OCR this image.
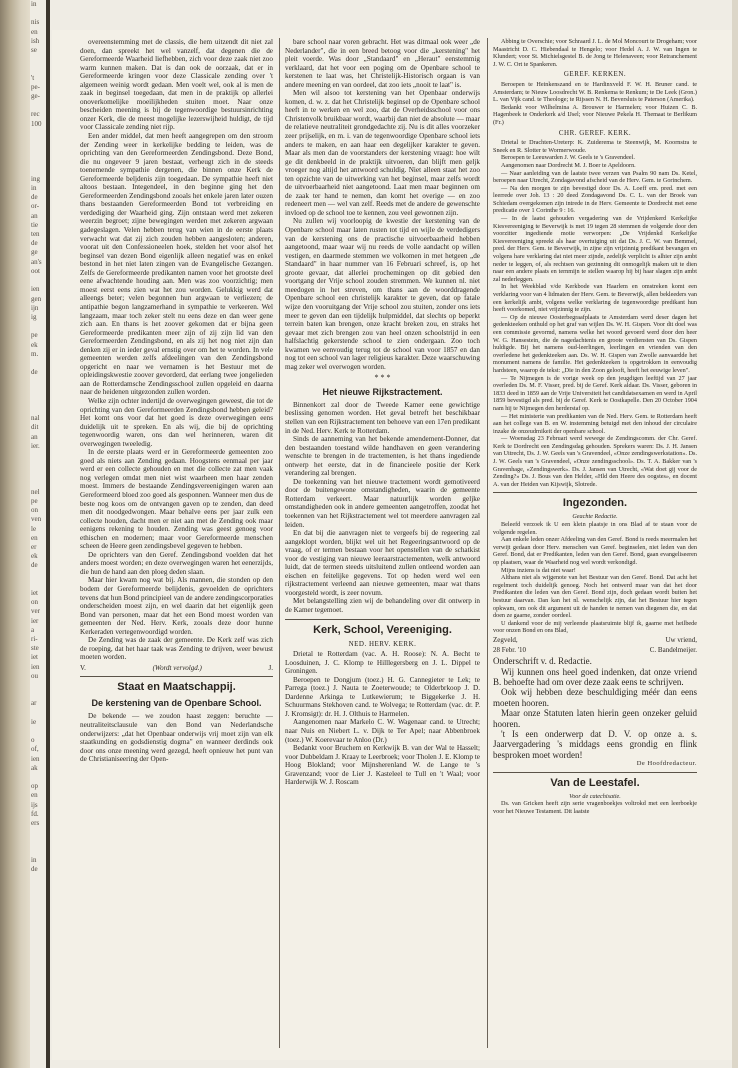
in

nis
en
ish
se

't
pe-
ge-

rec
100

ing
in
de
or-
an
tie
ten
de
ge
an's
oot

ien
gen
ijn
ig

pe
ek
m.

de

nal
dit
an
ier.

nel
pe
on
ven
le
en
er
ek
de

iet
on
ver
ier
a
ri-
ste
iet
ien
ou

ar

ie

o
of,
ien
ak

op
en
ijs
fd.
ers

in
de

overeenstemming met de classis, die hem uitzendt dit niet zal doen, dan spreekt het wel vanzelf, dat degenen die de Gereformeerde Waarheid liefhebben, zich voor deze zaak niet zoo warm kunnen maken. Dat is dan ook de oorzaak, dat er in Gereformeerde kringen voor deze Classicale zending over 't algemeen weinig wordt gedaan. Men voelt wel, ook al is men de zaak in beginsel toegedaan, dat men in de praktijk op allerlei onoverkomelijke moeilijkheden stuiten moet. Naar onze bescheiden meening is bij de tegenwoordige bestuursinrichting onzer Kerk, die de meest mogelijke lezerswijheid huldigt, de tijd voor Classicale zending niet rijp.

Een ander middel, dat men heeft aangegrepen om den stroom der Zending weer in kerkelijke bedding te leiden, was de oprichting van den Gereformeerden Zendingsbond. Deze Bond, die nu ongeveer 9 jaren bestaat, verheugt zich in de steeds toenemende sympathie dergenen, die binnen onze Kerk de Gereformeerde beljdenis zijn toegedaan. De sympathie heeft niet altoos bestaan. Integendeel, in den beginne ging het den Gereformeerden Zendingsbond zooals het enkele jaren later ouzen thans bestaanden Gereformeerden Bond tot verbreiding en verdediging der Waarheid ging. Zijn ontstaan werd met zekeren weerzin begroet; zijne bewegingen werden met zekeren argwaan gadegeslagen. Velen hebben terug van wien in de eerste plaats verwacht wat dat zij zich zouden hebben aangesloten; anderen, voorat uit den Confessioneelen hoek, stelden het voor alsof het beginsel van dezen Bond eigenlijk alleen negatief was en enkel bestond in het niet laten zingen van de Evangelische Gezangen. Zelfs de Gereformeerde predikanten namen voor het grootste deel eene afwachtende houding aan. Men was zoo voorzichtig; men moest eerst eens zien wat het zou worden. Gelukkig werd dat alleengs beter; velen begonnen hun argwaan te verliezen; de antipathie begon langzamerhand in sympathie te verkeeren. Wel langzaam, maar toch zeker stelt nu eens deze en dan weer gene zich aan. En thans is het zoover gekomen dat er bijna geen Gereformeerde predikanten meer zijn of zij zijn lid van den Gereformeerden Zendingsbond, en als zij het nog niet zijn dan denken zij er in ieder geval ernstig over om het te worden. In vele gemeenten werden zelfs afdeelingen van den Zendingsbond opgericht en naar we vernamen is het Bestuur met de opleidingskwestie zoover gevorderd, dat eerlang twee jongelieden aan de Rotterdamsche Zendingsschool zullen opgeleid en daarna naar de heidenen uitgezonden zullen worden.

Welke zijn ochter indertijd de overwegingen geweest, die tot de oprichting van den Gereformeerden Zendingsbond hebben geleid? Het komt ons voor dat het goed is deze overwegingen eens duidelijk uit te spreken. En als wij, die bij de oprichting tegenwoordig waren, ons dan wel herinneren, waren dit overwegingen tweeledig.

In de eerste plaats werd er in Gereformeerde gemeenten zoo goed als niets aan Zending gedaan. Hoogstens eenmaal per jaar werd er een collecte gehouden en met die collecte zat men vaak nog verlegen omdat men niet wist waarheen men haar zenden moest. Immers de bestaande Zendingsvereenigingen waren aan Gereformeerd bloed zoo goed als gesponnen. Wanneer men dus de beste nog koos om de ontvangen gaven op te zenden, dan deed men dit noodgedwongen. Maar behalve eens per jaar zulk een collecte houden, dacht men er niet aan met de Zending ook maar eenigens rekening te houden. Zending was geest genoeg voor ethischen en modernen; maar voor Gereformeerde menschen scheen de Heere geen zendingsbevel gegeven te hebben.

De oprichters van den Geref. Zendingsbond voelden dat het anders moest worden; en deze overwegingen waren het eenerzijds, die hun de hand aan den ploeg deden slaan.

Maar hier kwam nog wat bij. Als mannen, die stonden op den bodem der Gereformeerde belijdenis, gevoelden de oprichters tevens dat hun Bond principieel van de andere zendingscorporaties onderscheiden moest zijn, en wel daarin dat het eigenlijk geen Bond van personen, maar dat het een Bond moest worden van gemeenten der Ned. Herv. Kerk, zooals deze door hunne Kerkeraden vertegenwoordigd worden.

De Zending was de zaak der gemeente. De Kerk zelf was zich de roeping, dat het haar taak was Zending te drijven, weer bewust moeten worden.

V.	(Wordt vervolgd.)	J.
Staat en Maatschappij.
De kerstening van de Openbare School.

De bekende — we zoudon haast zeggen: beruchte — neutraliteitsclausule van den Bond van Nederlandsche onderwijzers: „dat het Openbaar onderwijs vrij moet zijn van elk staatkunding en godsdienstig dogma" en wanneer derdinds ook door ons onze meening werd gezegd, heeft opnieuw het punt van de Christianiseering der Open-

bare school naar voren gebracht. Het was ditmaal ook weer „de Nederlander", die in een breed betoog voor die „kerstening" het pleit voerde. Was door „Standaard" en „Heraut" eenstemmig verklaard, dat het voor een poging om de Openbare school te kerstenen te laat was, het Christelijk-Historisch orgaan is van andere meening en van oordeel, dat zoo iets „nooit te laat" is.

Men wil alsoo tot kerstening van het Openbaar onderwijs komen, d. w. z. dat het Christelijk beginsel op de Openbare school heeft in te werken en wel zoo, dat de Overheidsschool voor ons Christenvolk bruikbaar wordt, waarbij dan niet de absolute — maar de relatieve neutraliteit grondgedachte zij. Nu is dit alles voorzeker zeer prijselijk, en m. i. van de tegenwoordige Openbare school iets anders te maken, en aan haar een degelijker karakter te geven. Maar als men dan de voorstanders der kerstening vraagt: hoe wilt ge dit denkbeeld in de praktijk uitvoeren, dan blijft men geljk vroeger nog altijd het antwoord schuldig. Niet alleen staat het zoo ten opzichte van de uitwerking van het beginsel, maar zelfs wordt de uitvoerbaarheid niet aangetoond. Laat men maar beginnen om de zaak ter hand te nemen, dan komt het overige — en zoo redeneert men — wel van zelf. Reeds met de andere de gewenschte invloed op de school toe te kennen, zou veel gewonnen zijn.

Nu zullen wij voorloopig de kwestie der kerstening van de Openbare school maar laten rusten tot tijd en wijle de verdedigers van de kerstening ons de practische uitvoerbaarheid hebben aangetoond, maar waar wij nu reeds de volle aandacht op willen vestigen, en daarmede stemmen we volkomen in met hetgeen „de Standaard" in haar nummer van 16 Februari schreef, is, op het groote gevaar, dat allerlei prochemingen op dit gebied den voortgang der Vrije school zouden stremmen. We kunnen nl. niet meedogen in het streven, om thans aan de woorddragende Openbare school een christelijk karakter te geven, dat op fatale wijze den vooruitgang der Vrije school zou stuiten, zonder ons iets meer te geven dan een tijdelijk hulpmiddel, dat slechts op beperkt terrein baten kan brengen, onze kracht breken zou, en straks het gevaar met zich brengen zou van heel onzen schoolstrijd in een halfslachtig gekerstende school te zien ondergaan. Zoo toch kwamen we eenvoudig terug tot de school van voor 1857 en dan nog tot een school van lager religieus karakter. Deze waarschuwing mag zeker wel overwogen worden.

* * *
Het nieuwe Rijkstractement.

Binnenkort zal door de Tweede Kamer eene gewichtige beslissing genomen worden. Het geval betreft het beschikbaar stellen van een Rijkstractement ten behoeve van een 17en predikant in de Ned. Herv. Kerk te Rotterdam.

Sinds de aanneming van het bekende amendement-Donner, dat den bestaanden toestand wilde handhaven en geen verandering wenschte te brengen in de tractementen, is het thans ingediende ontwerp het eerste, dat in de financieele positie der Kerk verandering zal brengen.

De toekenning van het nieuwe tractement wordt gemotiveerd door de buitengewone omstandigheden, waarin de gemeente Rotterdam verkeert. Maar natuurlijk worden geljke omstandigheden ook in andere gemeenten aangetroffen, zoodat het toekennen van het Rijkstractement wel tot meerdere aanvragen zal leiden.

En dat bij die aanvragen niet te vergeefs bij de regeering zal aangeklopt worden, blijkt wel uit het Regeeringsantwoord op de vraag, of er termen bestaan voor het openstellen van de schatkist voor de vestiging van nieuwe leeraarstractementen, welk antwoord luidt, dat de termen steeds uitsluitend zullen ontleend worden aan eischen en feitelijke gegevens. Tot op heden werd wel een rijkstractement verleend aan nieuwe gemeenten, maar wat thans voorgesteld wordt, is zeer novum.

Met belangstelling zien wij de behandeling over dit ontwerp in de Kamer tegemoet.

Kerk, School, Vereeniging.
NED. HERV. KERK.

Drietal te Rotterdam (vac. A. H. Roose): N. A. Becht te Loosduinen, J. C. Klomp te Hilllegersberg en J. L. Dippel te Groningen.

Beroepen te Dongjum (toez.) H. G. Cannegieter te Lek; te Parrega (toez.) J. Nauta te Zoeterwoude; te Olderbrkoop J. D. Dardenne Arkinga te Lutkewierum; te Biggekerke J. H. Schuurmans Stekhoven cand. te Wolvega; te Rotterdam (vac. dr. P. J. Kromsigt): dr. H. J. Olthuis te Harmelen.

Aangenomen naar Markelo C. W. Wagenaar cand. te Utrecht; naar Nuis en Niebert L. v. Dijk te Ter Apel; naar Abbenbroek (toez.) W. Koerevaar te Anloo (Dr.)

Bedankt voor Bruchem en Kerkwijk B. van der Wal te Hasselt; voor Dubbeldam J. Kraay te Leerbroek; voor Tholen J. E. Klomp te Hoog Blokland; voor Mijnsherenland W. de Lange te 's Gravenzand; voor de Lier J. Kasteleel te Tull en 't Waal; voor Harderwijk W. J. Roscam

Abbing te Overschie; voor Schraard J. L. de Mol Moncourt te Drogeham; voor Maastricht D. C. Hiebendaal te Hengelo; voor Hedel A. J. W. van Ingen te Klundert; voor St. Michielsgestel B. de Jong te Helenaveen; voor Retranchement J. W. C. Ort te Spankeren.

GEREF. KERKEN.

Beroepen te Heinkenszand en te Hardinxveld F. W. H. Bruner cand. te Amsterdam; te Nieuw Loosdrecht W. B. Renkema te Renkum; te De Leek (Gron.) L. van Vijk cand. te Theologe; te Rijssen N. H. Beversluis te Paterson (Amerika).

Bedankt voor Wilhelmina A. Brouwer te Harmelen; voor Huizen C. B. Hagenbeek te Onderkerk a/d IJsel; voor Nieuwe Pekela H. Themaat te Berlikum (Fr.)

CHR. GEREF. KERK.

Drietal te Drachten-Ureterp: K. Zuiderema te Steenwijk, M. Koornstra te Sneek en R. Slotter te Wormerwoude.

Beroepen te Leeuwarden J. W. Geels te 's Gravendeel.

Aangenomen naar Dordrecht M. J. Boer te Apeldoorn.

— Naar aanleiding van de laatste twee verzen van Psalm 90 nam Ds. Ketel, beroepen naar Utrecht, Zondagavond afscheid van de Herv. Gem. te Gorinchem.

— Na den morgen te zijn bevestigd door Ds. A. Loeff em. pred. met een leerrede over Joh. 13 : 20 deed Zondagavond Ds. C. L. van der Broek van Schiedam overgekomen zijn intrede in de Herv. Gemeente te Dordrecht met eene predicatie over 1 Corinthe 9 : 16.

— In de laatst gehouden vergadering van de Vrijdenkerd Kerkelijke Kiesvereeniging te Beverwijk is met 19 tegen 28 stemmen de volgende door den voorzitter ingediende motie verworpen: „De Vrijdenkd Kerkelijke Kiesvereeniging spreekt als haar overtuiging uit dat Ds. J. C. W. van Bemmel, pred. der Herv. Gem. te Beverwijk, in zijne zijn vrijzinnig predikant bevangen en volgens hare verklaring dat niet meer zijnde, zedelijk verplicht is alhier zijn ambt neder te leggen, of, als rechtsen van gezinning dit onmogelijk maken uit te dien naar een andere plaats en ternmijn te stellen waarop hij bij haar slagen zijn ambt zal nederleggen.

In het Weekblad v/de Kerkbode van Haarlem en omstreken komt een verklaring voor van 4 lidmaten der Herv. Gem. te Beverwijk, allen bekleeders van een kerkelijk ambt, volgens welke verklaring de tegenwoordige predikant hun heeft voorkomed, niet vrijzinnig te zijn.

— Op de nieuwe Oosterbegraafplaats te Amsterdam werd deser dagen het gedenkteeken onthuld op het graf van wijlen Ds. W. H. Gispen. Voor dit doel was een commissie gevormd, namens welke het woord gevoerd werd door den heer W. G. Hansestein, die de nagedachtenis en groote verdiensten van Ds. Gispen huldigde. Bij het namens oud-leerlingen, leerlingen en vrienden van den overledene het gedenkteeken aan. Ds. W. H. Gispen van Zwolle aanvaardde het monument namens de familie. Het gedenkteeken is opgetrokken in eenvoudig hardsteen, waarop de tekst: „Die in den Zoon gelooft, heeft het eeuwige leven".

— Te Nijmegen is de vorige week op den jeugdigen leeftijd van 27 jaar overleden Ds. M. F. Visser, pred. bij de Geref. Kerk aldaar. Ds. Visser, geboren in 1833 deed in 1859 aan de Vrije Universiteit het candidatsexamen en werd in April 1859 bevestigd als pred. bij de Geref. Kerk te Oostkapelle. Den 20 October 1904 nam hij te Nijmegen den herderstaf op.

— Het ministerie van predikanten van de Ned. Herv. Gem. te Rotterdam heeft aan het college van B. en W. instemming betuigd met den inhoud der circulaire inzake de onzeudrnikeit der openbare school.

— Woensdag 23 Februari werd wewege de Zendingscomm. der Chr. Geref. Kerk te Dordrecht een Zendingsdag gehouden. Sprekers waren: Ds. J. H. Jansen van Uitrecht, Ds. J. W. Geels van 's Gravendeel, «Onze zendingswerkstation». Ds. J. W. Geels van 's Gravendeel, «Onze zendingsschool». Ds. T. A. Bakker van 's Gravenhage, «Zendingswerk». Ds. J. Jansen van Utrecht, «Wat doet gij voor de Zending?» Ds. J. Bous van den Helder, «Hld den Heere des oogstes», en docent A. van der Heiden van Kijswijk, Slotrede.

Ingezonden.
Geachte Redactie.

Beleefd verzoek ik U een klein plaatsje in ons Blad af te staan voor de volgende regelen.

Aan enkele leden onzer Afdeeling van den Geref. Bond is reeds meermalen het verwijt gedaan door Herv. menschen van Geref. beginselen, niet leden van den Geref. Bond, dat er Predikanten, leden van den Geref. Bond, gaan evangeliseeren op plaatsen, waar de Waarheid nog wel wordt verkondigd.

Mijns inziens is dat niet waar!

Althans niet als wijgenote van het Bestuur van den Geref. Bond. Dat acht het regelment toch duidelijk genoeg. Noch het ontwerd maar van dat het door Predikanten die leden van den Geref. Bond zijn, doch gedaan wordt buiten het bestuur daarvan. Dan kan het nl. wenschelijk zijn, dat het Bestuur hier tegen opkwam, om ook dit argument uit de handen te nemen van diegenen die, en dat doen ze gaarne, zonder oordeel.

U dankend voor de mij verleende plaatsruimte blijf ik, gaarne met heilbede voor onzen Bond en ons Blad,

Zegveld,	Uw vriend,
28 Febr. '10	C. Bandelmeijer.
Onderschrift v. d. Redactie.

Wij kunnen ons heel goed indenken, dat onze vriend B. behoefte had om over deze zaak eens te schrijven.

Ook wij hebben deze beschuldiging méér dan eens moeten hooren.

Maar onze Statuten laten hierin geen onzeker geluid hooren.

't Is een onderwerp dat D. V. op onze a. s. Jaarvergadering 's middags eens grondig en flink besproken moet worden!

De Hoofdredacteur.
Van de Leestafel.
Voor de catechisatie.

Ds. van Gricken heeft zijn serie vragenboekjes voltrokd met een leerboekje voor het Nieuwe Testament. Dit laatste
